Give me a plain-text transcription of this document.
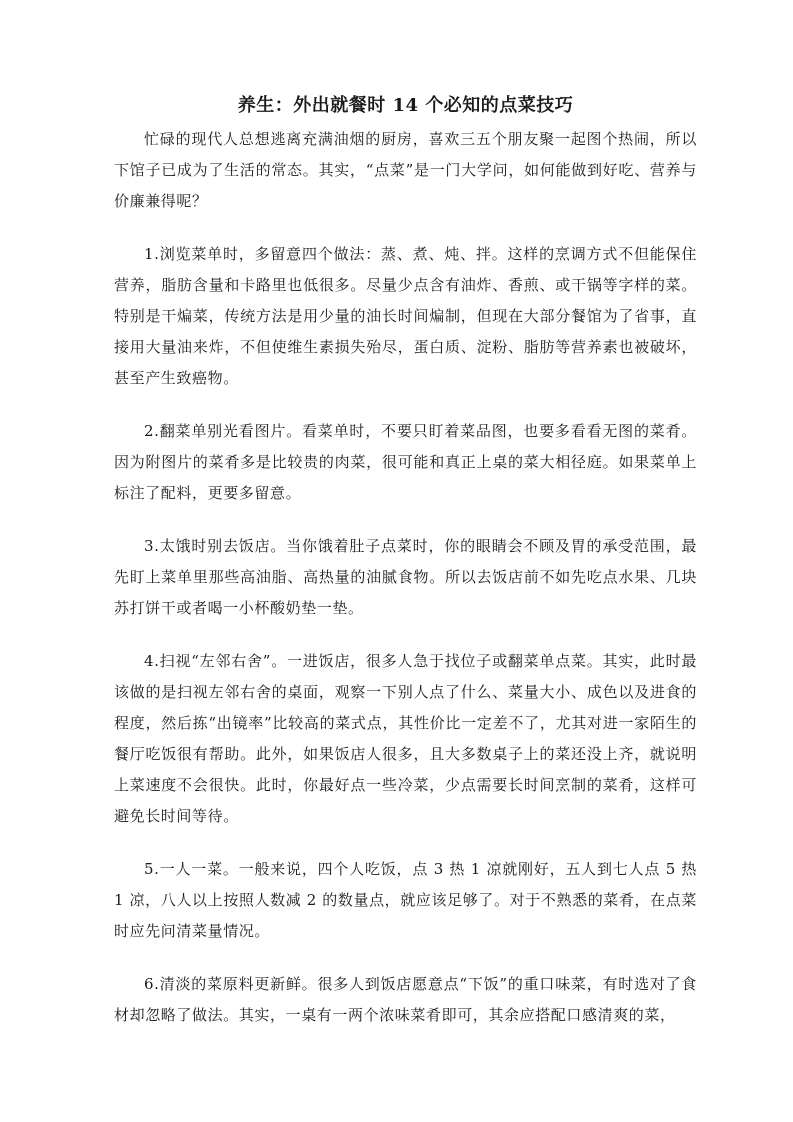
养生：外出就餐时 14 个必知的点菜技巧

忙碌的现代人总想逃离充满油烟的厨房，喜欢三五个朋友聚一起图个热闹，所以下馆子已成为了生活的常态。其实，“点菜”是一门大学问，如何能做到好吃、营养与价廉兼得呢？

1.浏览菜单时，多留意四个做法：蒸、煮、炖、拌。这样的烹调方式不但能保住营养，脂肪含量和卡路里也低很多。尽量少点含有油炸、香煎、或干锅等字样的菜。特别是干煸菜，传统方法是用少量的油长时间煸制，但现在大部分餐馆为了省事，直接用大量油来炸，不但使维生素损失殆尽，蛋白质、淀粉、脂肪等营养素也被破坏，甚至产生致癌物。

2.翻菜单别光看图片。看菜单时，不要只盯着菜品图，也要多看看无图的菜肴。因为附图片的菜肴多是比较贵的肉菜，很可能和真正上桌的菜大相径庭。如果菜单上标注了配料，更要多留意。

3.太饿时别去饭店。当你饿着肚子点菜时，你的眼睛会不顾及胃的承受范围，最先盯上菜单里那些高油脂、高热量的油腻食物。所以去饭店前不如先吃点水果、几块苏打饼干或者喝一小杯酸奶垫一垫。

4.扫视“左邻右舍”。一进饭店，很多人急于找位子或翻菜单点菜。其实，此时最该做的是扫视左邻右舍的桌面，观察一下别人点了什么、菜量大小、成色以及进食的程度，然后拣“出镜率”比较高的菜式点，其性价比一定差不了，尤其对进一家陌生的餐厅吃饭很有帮助。此外，如果饭店人很多，且大多数桌子上的菜还没上齐，就说明上菜速度不会很快。此时，你最好点一些冷菜，少点需要长时间烹制的菜肴，这样可避免长时间等待。

5.一人一菜。一般来说，四个人吃饭，点 3 热 1 凉就刚好，五人到七人点 5 热 1 凉，八人以上按照人数减 2 的数量点，就应该足够了。对于不熟悉的菜肴，在点菜时应先问清菜量情况。

6.清淡的菜原料更新鲜。很多人到饭店愿意点“下饭”的重口味菜，有时选对了食材却忽略了做法。其实，一桌有一两个浓味菜肴即可，其余应搭配口感清爽的菜，
